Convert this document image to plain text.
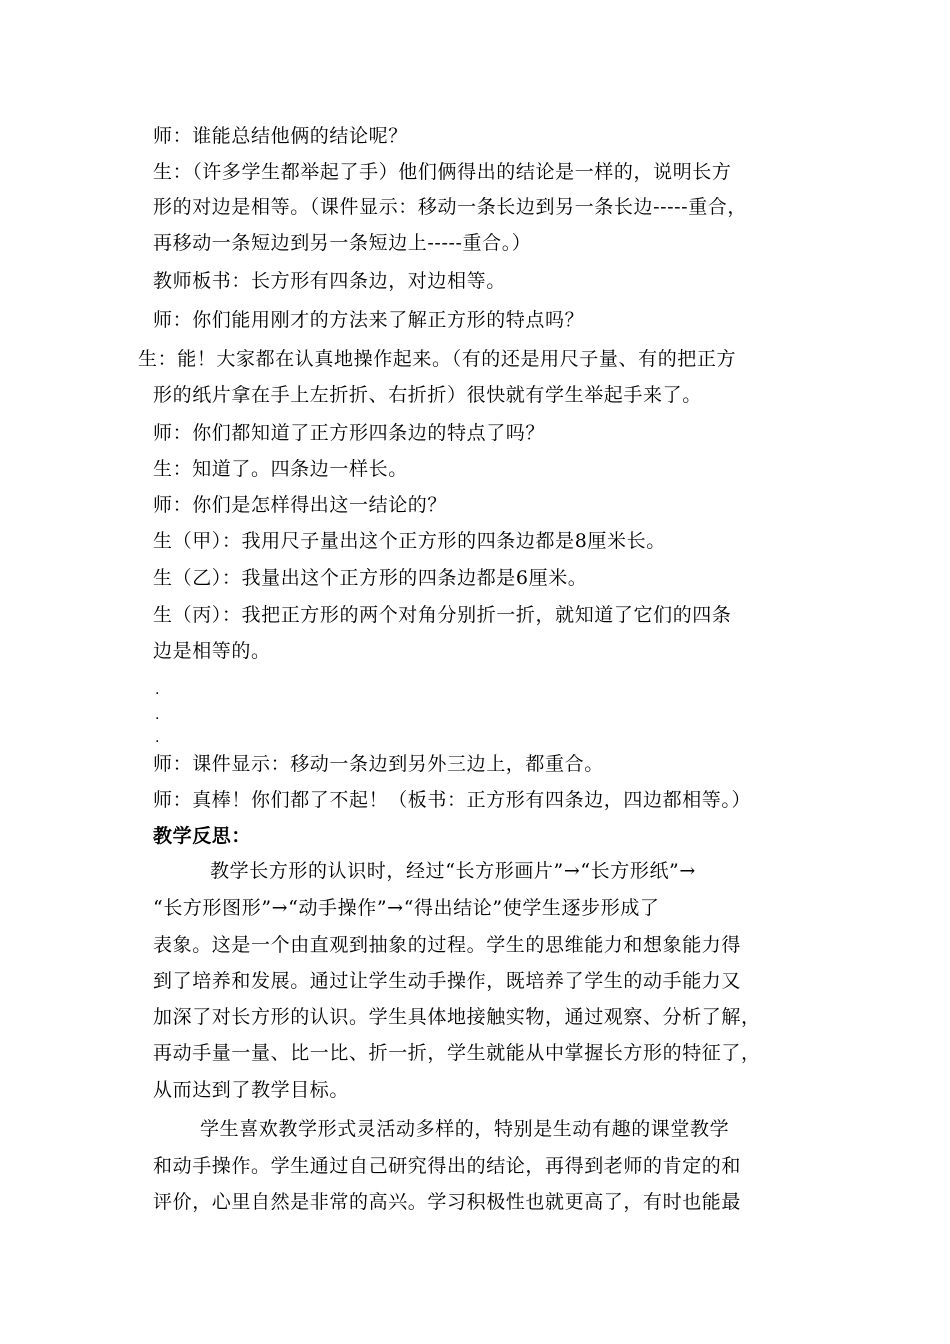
师：谁能总结他俩的结论呢？
生：（许多学生都举起了手）他们俩得出的结论是一样的，说明长方
形的对边是相等。（课件显示：移动一条长边到另一条长边-----重合，
再移动一条短边到另一条短边上-----重合。）
教师板书：长方形有四条边，对边相等。
师：你们能用刚才的方法来了解正方形的特点吗？
生：能！大家都在认真地操作起来。（有的还是用尺子量、有的把正方
形的纸片拿在手上左折折、右折折）很快就有学生举起手来了。
师：你们都知道了正方形四条边的特点了吗？
生：知道了。四条边一样长。
师：你们是怎样得出这一结论的？
生（甲）：我用尺子量出这个正方形的四条边都是8厘米长。
生（乙）：我量出这个正方形的四条边都是6厘米。
生（丙）：我把正方形的两个对角分别折一折，就知道了它们的四条
边是相等的。
.
.
.
师：课件显示：移动一条边到另外三边上，都重合。
师：真棒！你们都了不起！（板书：正方形有四条边，四边都相等。）
教学反思：
教学长方形的认识时，经过“长方形画片”→“长方形纸”→
“长方形图形”→“动手操作”→“得出结论”使学生逐步形成了
表象。这是一个由直观到抽象的过程。学生的思维能力和想象能力得
到了培养和发展。通过让学生动手操作，既培养了学生的动手能力又
加深了对长方形的认识。学生具体地接触实物，通过观察、分析了解，
再动手量一量、比一比、折一折，学生就能从中掌握长方形的特征了，
从而达到了教学目标。
学生喜欢教学形式灵活动多样的，特别是生动有趣的课堂教学
和动手操作。学生通过自己研究得出的结论，再得到老师的肯定的和
评价，心里自然是非常的高兴。学习积极性也就更高了，有时也能最
